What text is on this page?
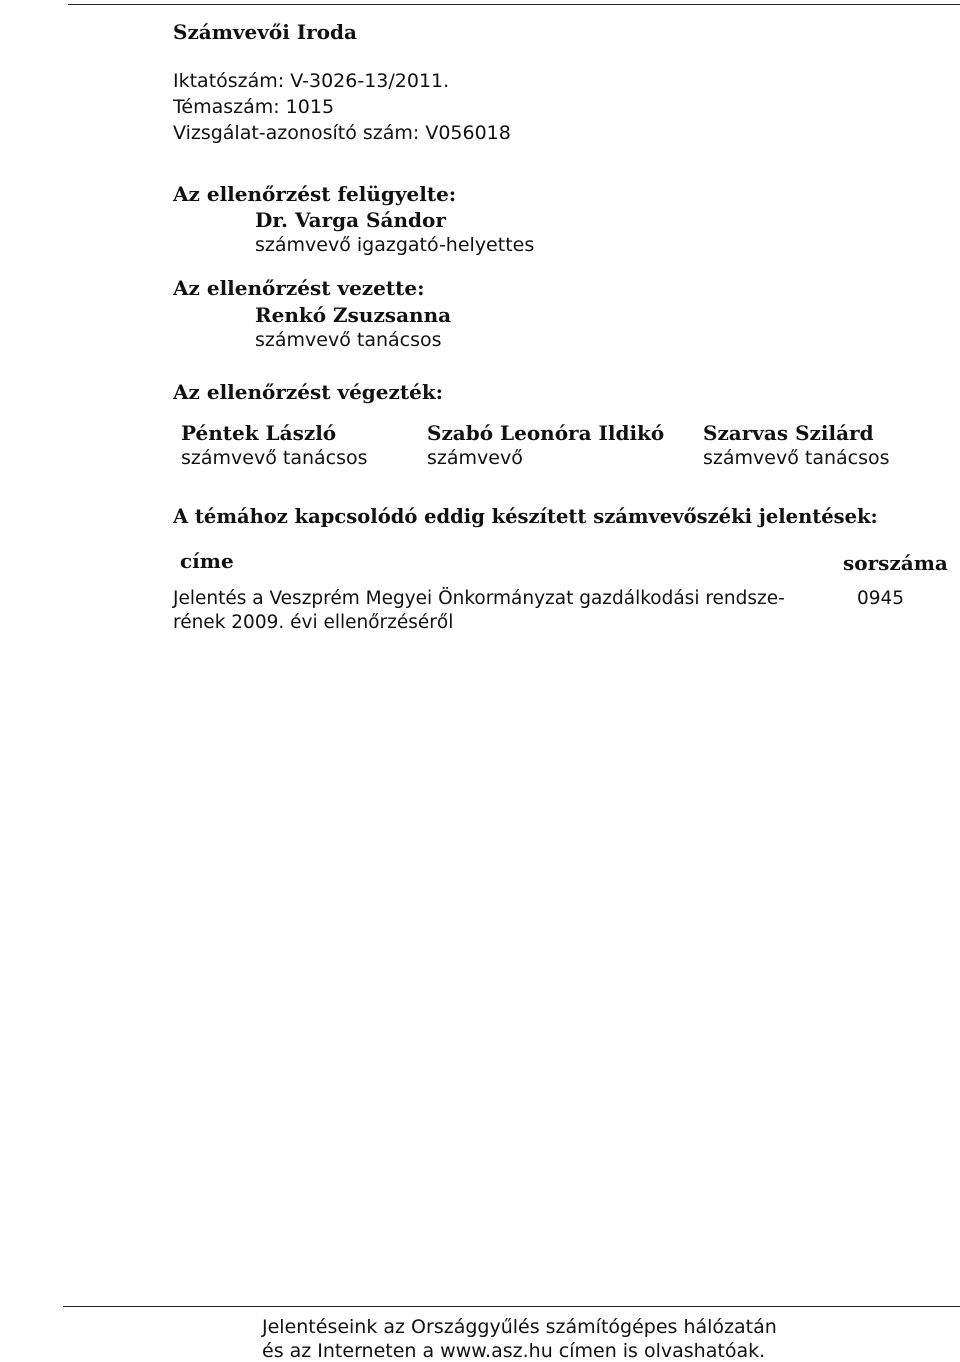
Számvevői Iroda
Iktatószám: V-3026-13/2011.
Témaszám: 1015
Vizsgálat-azonosító szám: V056018
Az ellenőrzést felügyelte:
Dr. Varga Sándor
számvevő igazgató-helyettes
Az ellenőrzést vezette:
Renkó Zsuzsanna
számvevő tanácsos
Az ellenőrzést végezték:
Péntek László
számvevő tanácsos
Szabó Leonóra Ildikó
számvevő
Szarvas Szilárd
számvevő tanácsos
A témához kapcsolódó eddig készített számvevőszéki jelentések:
címe	sorszáma
Jelentés a Veszprém Megyei Önkormányzat gazdálkodási rendsze-
rének 2009. évi ellenőrzéséről
0945
Jelentéseink az Országgyűlés számítógépes hálózatán
és az Interneten a www.asz.hu címen is olvashatóak.
